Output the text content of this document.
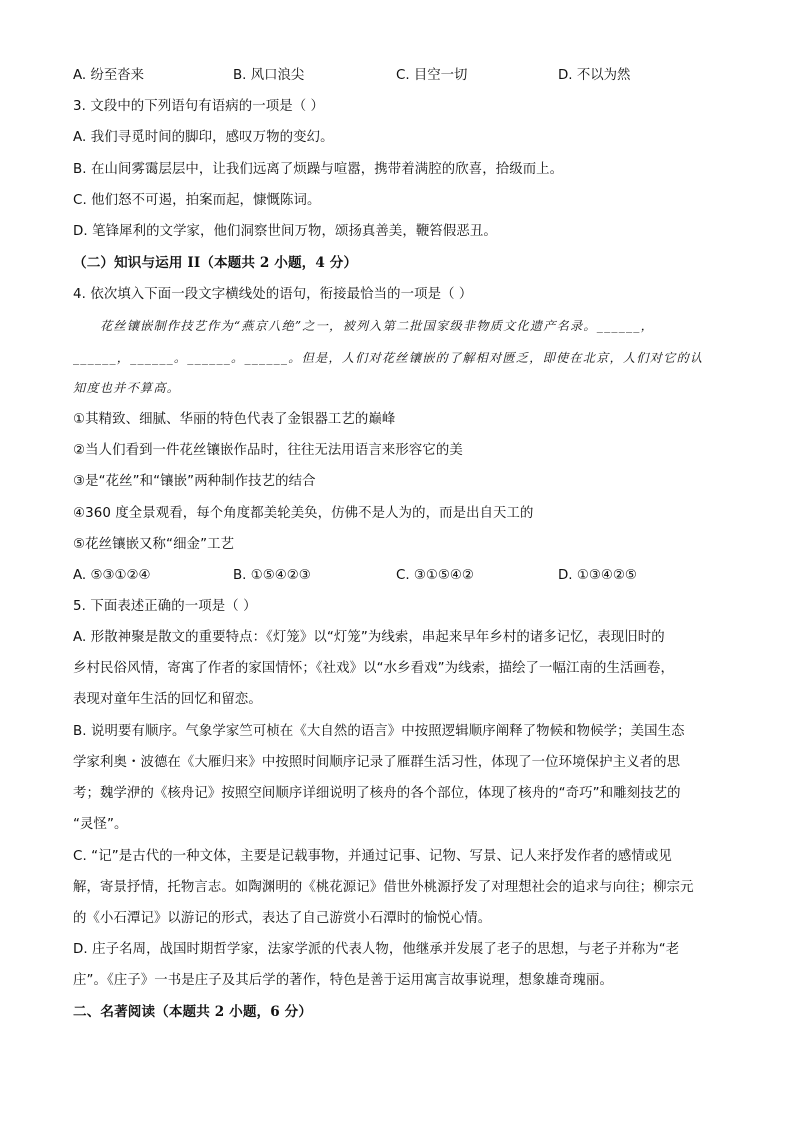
A. 纷至沓来	B. 风口浪尖	C. 目空一切	D. 不以为然
3. 文段中的下列语句有语病的一项是（ ）
A. 我们寻觅时间的脚印，感叹万物的变幻。
B. 在山间雾霭层层中，让我们远离了烦躁与喧嚣，携带着满腔的欣喜，拾级而上。
C. 他们怒不可遏，拍案而起，慷慨陈词。
D. 笔锋犀利的文学家，他们洞察世间万物，颂扬真善美，鞭笞假恶丑。
（二）知识与运用 II（本题共 2 小题，4 分）
4. 依次填入下面一段文字横线处的语句，衔接最恰当的一项是（ ）
花丝镶嵌制作技艺作为“燕京八绝”之一，被列入第二批国家级非物质文化遗产名录。______，
______，______。______。______。但是，人们对花丝镶嵌的了解相对匮乏，即使在北京，人们对它的认
知度也并不算高。
①其精致、细腻、华丽的特色代表了金银器工艺的巅峰
②当人们看到一件花丝镶嵌作品时，往往无法用语言来形容它的美
③是“花丝”和“镶嵌”两种制作技艺的结合
④360 度全景观看，每个角度都美轮美奂，仿佛不是人为的，而是出自天工的
⑤花丝镶嵌又称“细金”工艺
A. ⑤③①②④	B. ①⑤④②③	C. ③①⑤④②	D. ①③④②⑤
5. 下面表述正确的一项是（ ）
A. 形散神聚是散文的重要特点：《灯笼》以“灯笼”为线索，串起来早年乡村的诸多记忆，表现旧时的
乡村民俗风情，寄寓了作者的家国情怀；《社戏》以“水乡看戏”为线索，描绘了一幅江南的生活画卷，
表现对童年生活的回忆和留恋。
B. 说明要有顺序。气象学家竺可桢在《大自然的语言》中按照逻辑顺序阐释了物候和物候学；美国生态
学家利奥・波德在《大雁归来》中按照时间顺序记录了雁群生活习性，体现了一位环境保护主义者的思
考；魏学洢的《核舟记》按照空间顺序详细说明了核舟的各个部位，体现了核舟的“奇巧”和雕刻技艺的
“灵怪”。
C. “记”是古代的一种文体，主要是记载事物，并通过记事、记物、写景、记人来抒发作者的感情或见
解，寄景抒情，托物言志。如陶渊明的《桃花源记》借世外桃源抒发了对理想社会的追求与向往；柳宗元
的《小石潭记》以游记的形式，表达了自己游赏小石潭时的愉悦心情。
D. 庄子名周，战国时期哲学家，法家学派的代表人物，他继承并发展了老子的思想，与老子并称为“老
庄”。《庄子》一书是庄子及其后学的著作，特色是善于运用寓言故事说理，想象雄奇瑰丽。
二、名著阅读（本题共 2 小题，6 分）
